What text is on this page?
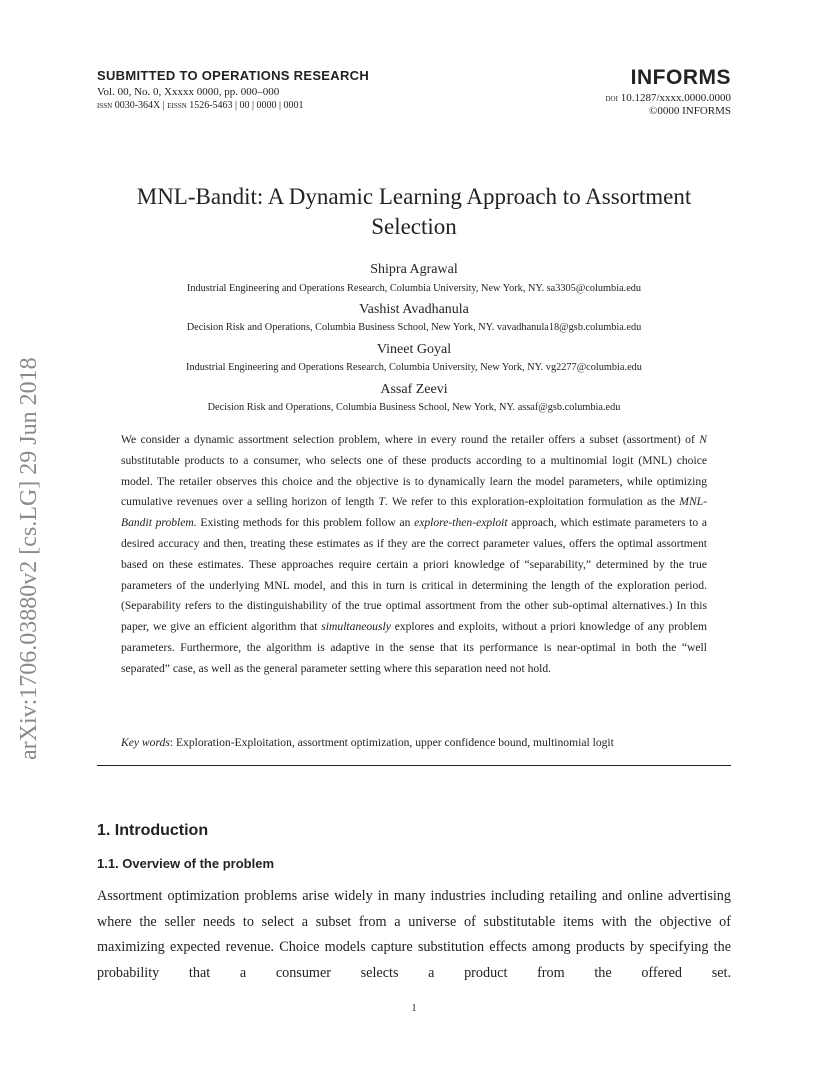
SUBMITTED TO OPERATIONS RESEARCH
Vol. 00, No. 0, Xxxxx 0000, pp. 000–000
issn 0030-364X | eissn 1526-5463 | 00 | 0000 | 0001
INFORMS
doi 10.1287/xxxx.0000.0000
©0000 INFORMS
arXiv:1706.03880v2 [cs.LG] 29 Jun 2018
MNL-Bandit: A Dynamic Learning Approach to Assortment Selection
Shipra Agrawal
Industrial Engineering and Operations Research, Columbia University, New York, NY. sa3305@columbia.edu
Vashist Avadhanula
Decision Risk and Operations, Columbia Business School, New York, NY. vavadhanula18@gsb.columbia.edu
Vineet Goyal
Industrial Engineering and Operations Research, Columbia University, New York, NY. vg2277@columbia.edu
Assaf Zeevi
Decision Risk and Operations, Columbia Business School, New York, NY. assaf@gsb.columbia.edu
We consider a dynamic assortment selection problem, where in every round the retailer offers a subset (assortment) of N substitutable products to a consumer, who selects one of these products according to a multinomial logit (MNL) choice model. The retailer observes this choice and the objective is to dynamically learn the model parameters, while optimizing cumulative revenues over a selling horizon of length T. We refer to this exploration-exploitation formulation as the MNL-Bandit problem. Existing methods for this problem follow an explore-then-exploit approach, which estimate parameters to a desired accuracy and then, treating these estimates as if they are the correct parameter values, offers the optimal assortment based on these estimates. These approaches require certain a priori knowledge of “separability,” determined by the true parameters of the underlying MNL model, and this in turn is critical in determining the length of the exploration period. (Separability refers to the distinguishability of the true optimal assortment from the other sub-optimal alternatives.) In this paper, we give an efficient algorithm that simultaneously explores and exploits, without a priori knowledge of any problem parameters. Furthermore, the algorithm is adaptive in the sense that its performance is near-optimal in both the “well separated” case, as well as the general parameter setting where this separation need not hold.
Key words: Exploration-Exploitation, assortment optimization, upper confidence bound, multinomial logit
1. Introduction
1.1. Overview of the problem
Assortment optimization problems arise widely in many industries including retailing and online advertising where the seller needs to select a subset from a universe of substitutable items with the objective of maximizing expected revenue. Choice models capture substitution effects among products by specifying the probability that a consumer selects a product from the offered set.
1
